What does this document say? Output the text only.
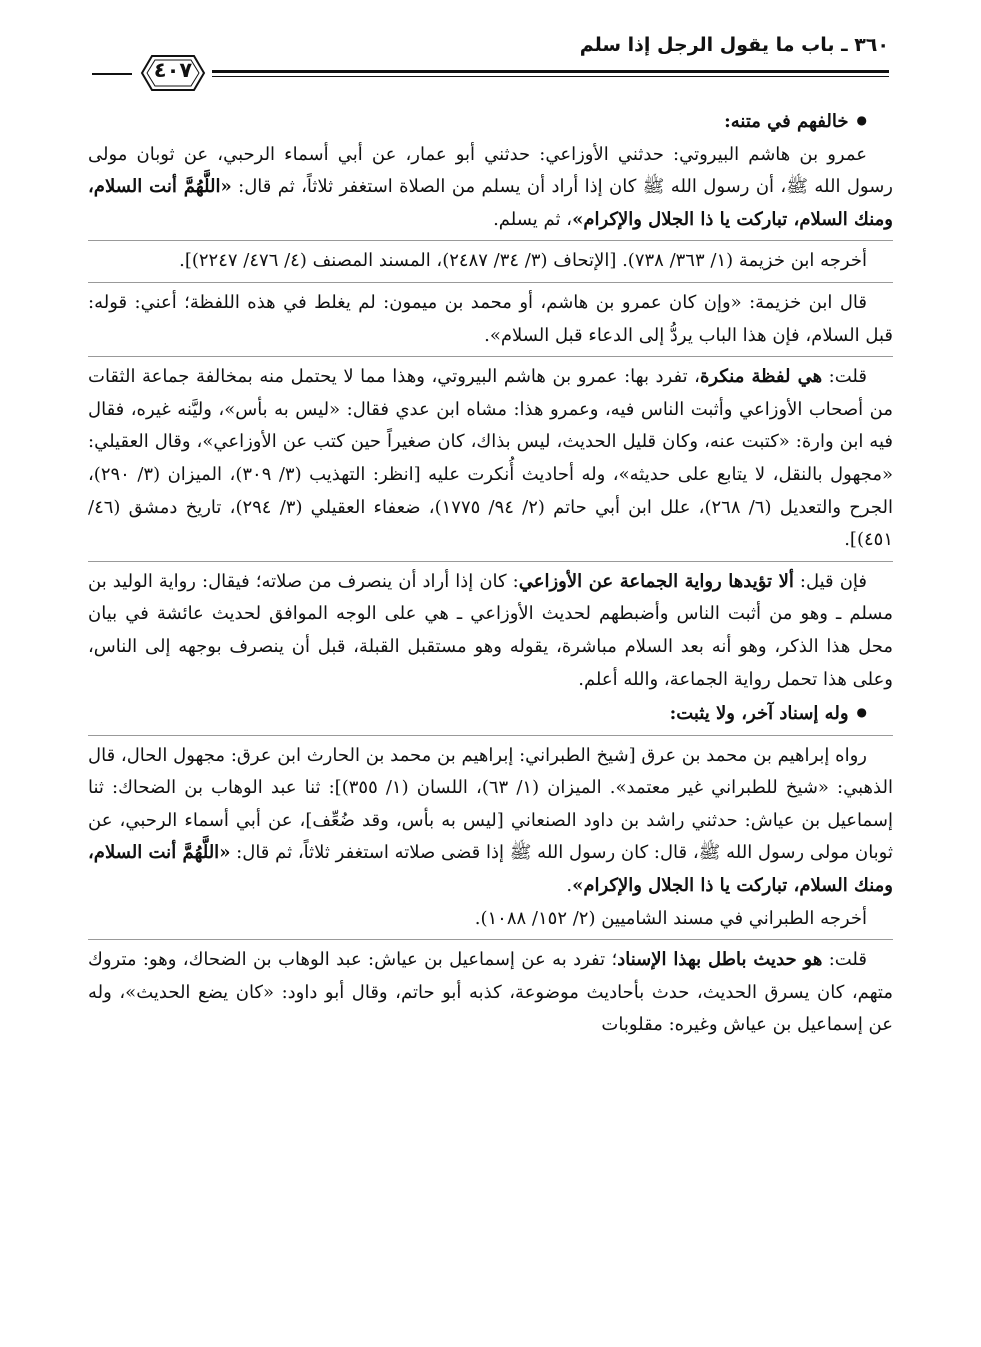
٣٦٠ ـ باب ما يقول الرجل إذا سلم
٤٠٧

●خالفهم في متنه:

عمرو بن هاشم البيروتي: حدثني الأوزاعي: حدثني أبو عمار، عن أبي أسماء الرحبي، عن ثوبان مولى رسول الله ﷺ، أن رسول الله ﷺ كان إذا أراد أن يسلم من الصلاة استغفر ثلاثاً، ثم قال: «اللَّهُمَّ أنت السلام، ومنك السلام، تباركت يا ذا الجلال والإكرام»، ثم يسلم.

أخرجه ابن خزيمة (١/ ٣٦٣/ ٧٣٨). [الإتحاف (٣/ ٣٤/ ٢٤٨٧)، المسند المصنف (٤/ ٤٧٦/ ٢٢٤٧)].

قال ابن خزيمة: «وإن كان عمرو بن هاشم، أو محمد بن ميمون: لم يغلط في هذه اللفظة؛ أعني: قوله: قبل السلام، فإن هذا الباب يردُّ إلى الدعاء قبل السلام».

قلت: هي لفظة منكرة، تفرد بها: عمرو بن هاشم البيروتي، وهذا مما لا يحتمل منه بمخالفة جماعة الثقات من أصحاب الأوزاعي وأثبت الناس فيه، وعمرو هذا: مشاه ابن عدي فقال: «ليس به بأس»، وليَّنه غيره، فقال فيه ابن وارة: «كتبت عنه، وكان قليل الحديث، ليس بذاك، كان صغيراً حين كتب عن الأوزاعي»، وقال العقيلي: «مجهول بالنقل، لا يتابع على حديثه»، وله أحاديث أُنكرت عليه [انظر: التهذيب (٣/ ٣٠٩)، الميزان (٣/ ٢٩٠)، الجرح والتعديل (٦/ ٢٦٨)، علل ابن أبي حاتم (٢/ ٩٤/ ١٧٧٥)، ضعفاء العقيلي (٣/ ٢٩٤)، تاريخ دمشق (٤٦/ ٤٥١)].

فإن قيل: ألا تؤيدها رواية الجماعة عن الأوزاعي: كان إذا أراد أن ينصرف من صلاته؛ فيقال: رواية الوليد بن مسلم ـ وهو من أثبت الناس وأضبطهم لحديث الأوزاعي ـ هي على الوجه الموافق لحديث عائشة في بيان محل هذا الذكر، وهو أنه بعد السلام مباشرة، يقوله وهو مستقبل القبلة، قبل أن ينصرف بوجهه إلى الناس، وعلى هذا تحمل رواية الجماعة، والله أعلم.

●وله إسناد آخر، ولا يثبت:

رواه إبراهيم بن محمد بن عرق [شيخ الطبراني: إبراهيم بن محمد بن الحارث ابن عرق: مجهول الحال، قال الذهبي: «شيخ للطبراني غير معتمد». الميزان (١/ ٦٣)، اللسان (١/ ٣٥٥)]: ثنا عبد الوهاب بن الضحاك: ثنا إسماعيل بن عياش: حدثني راشد بن داود الصنعاني [ليس به بأس، وقد ضُعِّف]، عن أبي أسماء الرحبي، عن ثوبان مولى رسول الله ﷺ، قال: كان رسول الله ﷺ إذا قضى صلاته استغفر ثلاثاً، ثم قال: «اللَّهُمَّ أنت السلام، ومنك السلام، تباركت يا ذا الجلال والإكرام».

أخرجه الطبراني في مسند الشاميين (٢/ ١٥٢/ ١٠٨٨).

قلت: هو حديث باطل بهذا الإسناد؛ تفرد به عن إسماعيل بن عياش: عبد الوهاب بن الضحاك، وهو: متروك متهم، كان يسرق الحديث، حدث بأحاديث موضوعة، كذبه أبو حاتم، وقال أبو داود: «كان يضع الحديث»، وله عن إسماعيل بن عياش وغيره: مقلوبات
